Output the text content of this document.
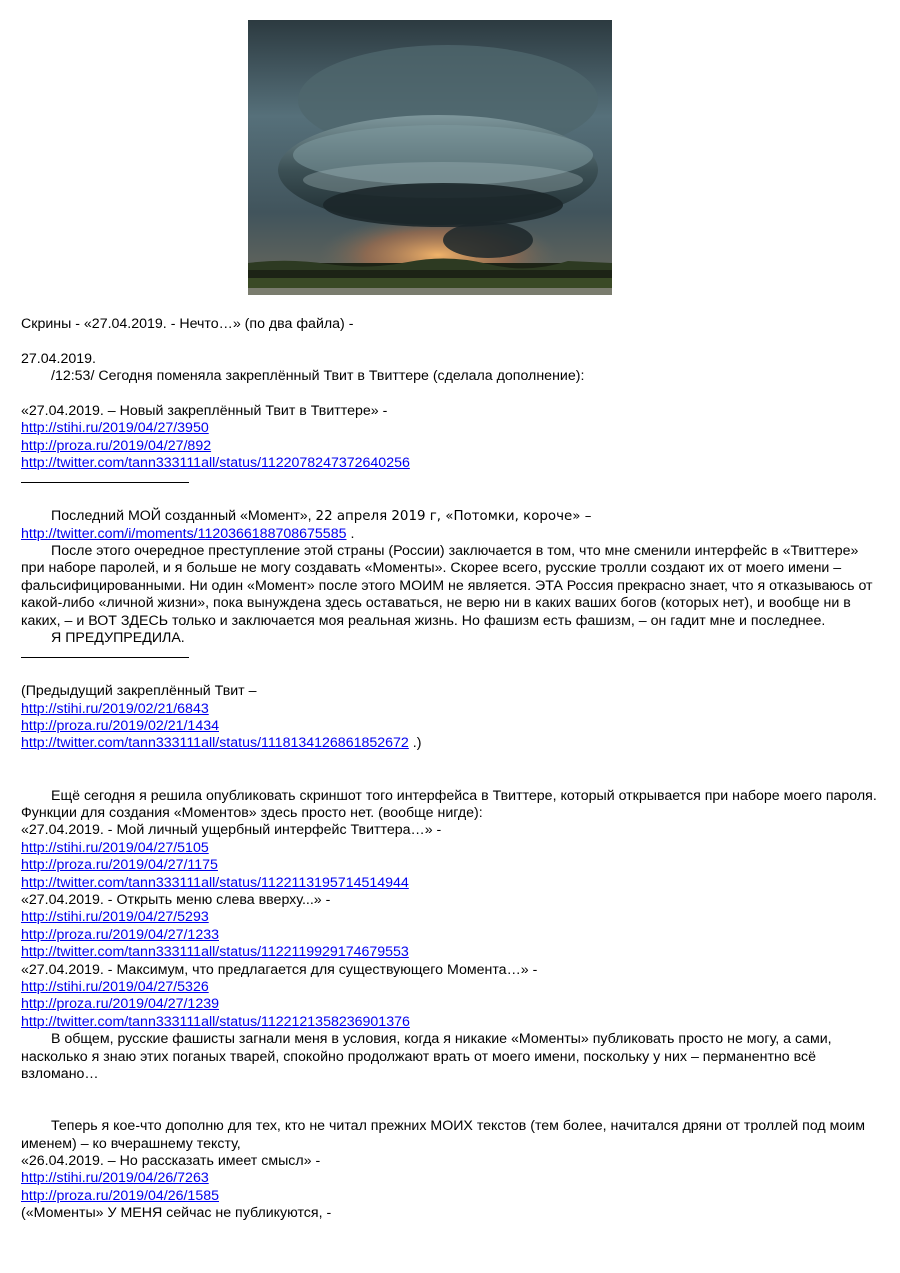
Скрины - «27.04.2019. - Нечто…» (по два файла) -
27.04.2019.
/12:53/ Сегодня поменяла закреплённый Твит в Твиттере (сделала дополнение):
«27.04.2019. – Новый закреплённый Твит в Твиттере» -
http://stihi.ru/2019/04/27/3950
http://proza.ru/2019/04/27/892
http://twitter.com/tann333111all/status/1122078247372640256
Последний МОЙ созданный «Момент», 22 апреля 2019 г, «Потомки, короче» –
http://twitter.com/i/moments/1120366188708675585 .
После этого очередное преступление этой страны (России) заключается в том, что мне сменили интерфейс в «Твиттере» при наборе паролей, и я больше не могу создавать «Моменты». Скорее всего, русские тролли создают их от моего имени – фальсифицированными. Ни один «Момент» после этого МОИМ не является. ЭТА Россия прекрасно знает, что я отказываюсь от какой-либо «личной жизни», пока вынуждена здесь оставаться, не верю ни в каких ваших богов (которых нет), и вообще ни в каких, – и ВОТ ЗДЕСЬ только и заключается моя реальная жизнь. Но фашизм есть фашизм, – он гадит мне и последнее.
Я ПРЕДУПРЕДИЛА.
(Предыдущий закреплённый Твит –
http://stihi.ru/2019/02/21/6843
http://proza.ru/2019/02/21/1434
http://twitter.com/tann333111all/status/1118134126861852672 .)
Ещё сегодня я решила опубликовать скриншот того интерфейса в Твиттере, который открывается при наборе моего пароля. Функции для создания «Моментов» здесь просто нет. (вообще нигде):
«27.04.2019. - Мой личный ущербный интерфейс Твиттера…» -
http://stihi.ru/2019/04/27/5105
http://proza.ru/2019/04/27/1175
http://twitter.com/tann333111all/status/1122113195714514944
«27.04.2019. - Открыть меню слева вверху...» -
http://stihi.ru/2019/04/27/5293
http://proza.ru/2019/04/27/1233
http://twitter.com/tann333111all/status/1122119929174679553
«27.04.2019. - Максимум, что предлагается для существующего Момента…» -
http://stihi.ru/2019/04/27/5326
http://proza.ru/2019/04/27/1239
http://twitter.com/tann333111all/status/1122121358236901376
В общем, русские фашисты загнали меня в условия, когда я никакие «Моменты» публиковать просто не могу, а сами, насколько я знаю этих поганых тварей, спокойно продолжают врать от моего имени, поскольку у них – перманентно всё взломано…
Теперь я кое-что дополню для тех, кто не читал прежних МОИХ текстов (тем более, начитался дряни от троллей под моим именем) – ко вчерашнему тексту,
«26.04.2019. – Но рассказать имеет смысл» -
http://stihi.ru/2019/04/26/7263
http://proza.ru/2019/04/26/1585
(«Моменты» У МЕНЯ сейчас не публикуются, -
